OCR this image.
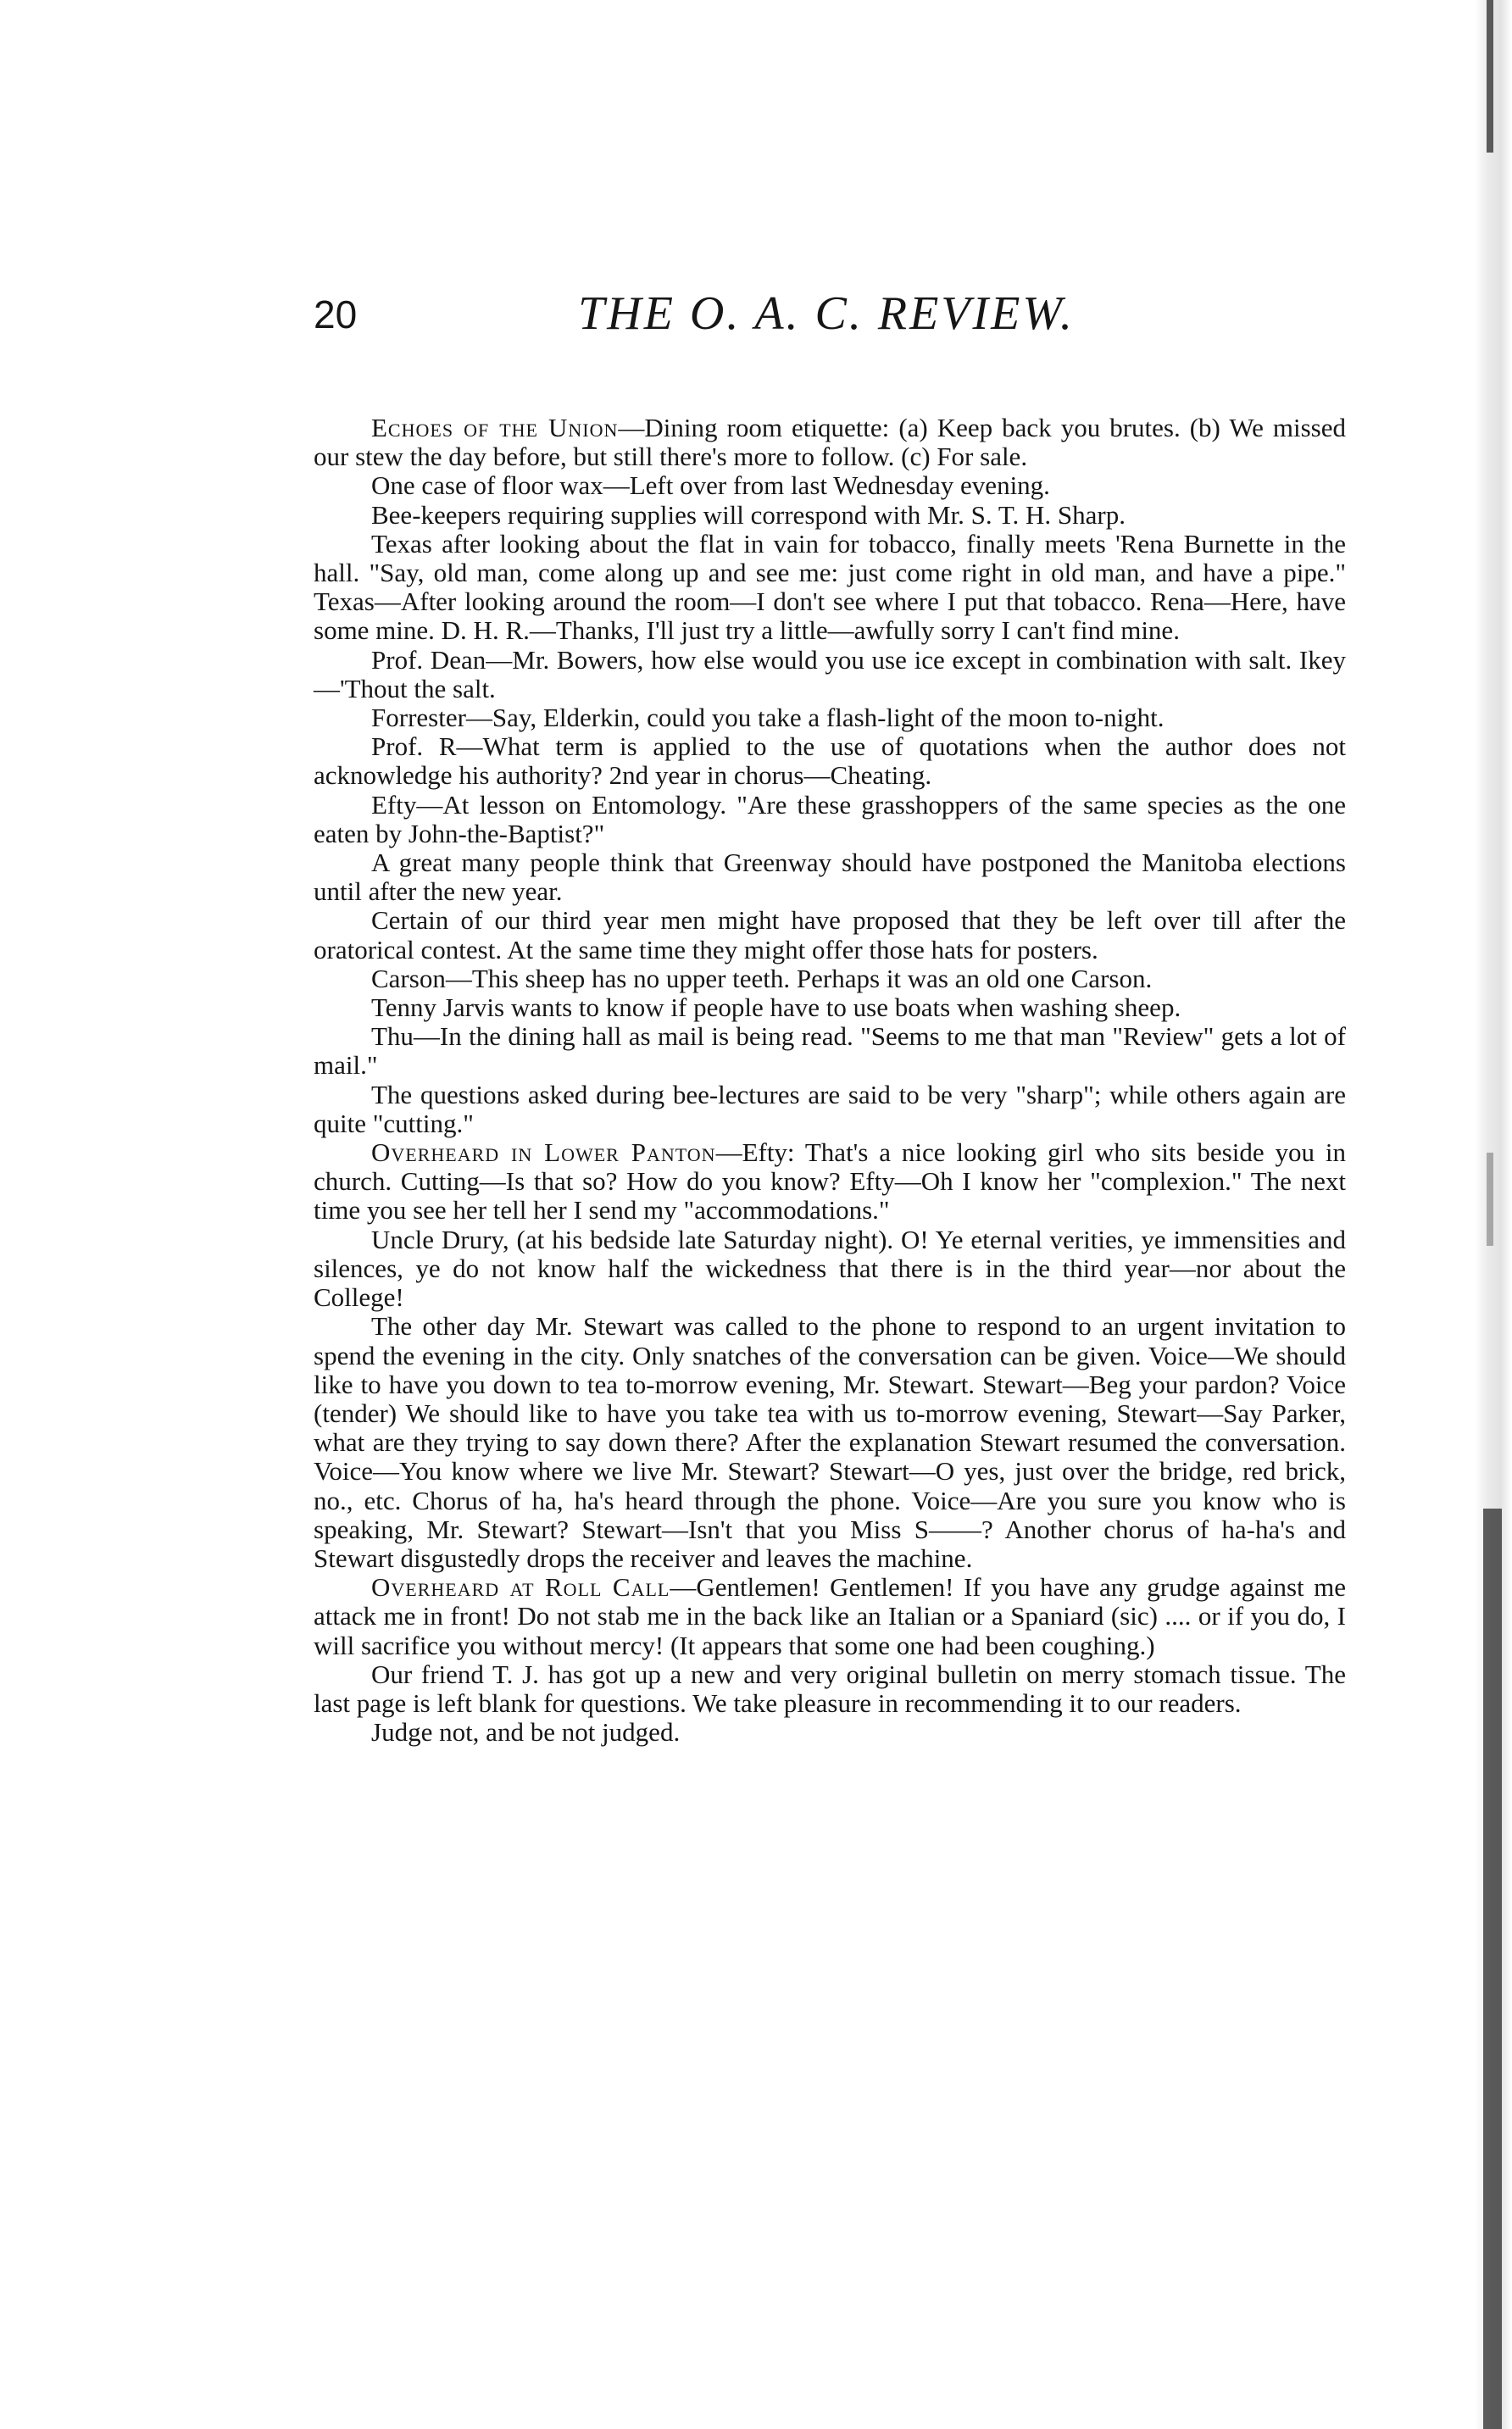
20	THE O. A. C. REVIEW.

Echoes of the Union—Dining room etiquette: (a) Keep back you brutes. (b) We missed our stew the day before, but still there's more to follow. (c) For sale.

One case of floor wax—Left over from last Wednesday evening.

Bee-keepers requiring supplies will correspond with Mr. S. T. H. Sharp.

Texas after looking about the flat in vain for tobacco, finally meets 'Rena Burnette in the hall. "Say, old man, come along up and see me: just come right in old man, and have a pipe." Texas—After looking around the room—I don't see where I put that tobacco. Rena—Here, have some mine. D. H. R.—Thanks, I'll just try a little—awfully sorry I can't find mine.

Prof. Dean—Mr. Bowers, how else would you use ice except in combination with salt. Ikey—'Thout the salt.

Forrester—Say, Elderkin, could you take a flash-light of the moon to-night.

Prof. R—What term is applied to the use of quotations when the author does not acknowledge his authority? 2nd year in chorus—Cheating.

Efty—At lesson on Entomology. "Are these grasshoppers of the same species as the one eaten by John-the-Baptist?"

A great many people think that Greenway should have postponed the Manitoba elections until after the new year.

Certain of our third year men might have proposed that they be left over till after the oratorical contest. At the same time they might offer those hats for posters.

Carson—This sheep has no upper teeth. Perhaps it was an old one Carson.

Tenny Jarvis wants to know if people have to use boats when washing sheep.

Thu—In the dining hall as mail is being read. "Seems to me that man "Review" gets a lot of mail."

The questions asked during bee-lectures are said to be very "sharp"; while others again are quite "cutting."

Overheard in Lower Panton—Efty: That's a nice looking girl who sits beside you in church. Cutting—Is that so? How do you know? Efty—Oh I know her "complexion." The next time you see her tell her I send my "accommodations."

Uncle Drury, (at his bedside late Saturday night). O! Ye eternal verities, ye immensities and silences, ye do not know half the wickedness that there is in the third year—nor about the College!

The other day Mr. Stewart was called to the phone to respond to an urgent invitation to spend the evening in the city. Only snatches of the conversation can be given. Voice—We should like to have you down to tea to-morrow evening, Mr. Stewart. Stewart—Beg your pardon? Voice (tender) We should like to have you take tea with us to-morrow evening, Stewart—Say Parker, what are they trying to say down there? After the explanation Stewart resumed the conversation. Voice—You know where we live Mr. Stewart? Stewart—O yes, just over the bridge, red brick, no., etc. Chorus of ha, ha's heard through the phone. Voice—Are you sure you know who is speaking, Mr. Stewart? Stewart—Isn't that you Miss S——? Another chorus of ha-ha's and Stewart disgustedly drops the receiver and leaves the machine.

Overheard at Roll Call—Gentlemen! Gentlemen! If you have any grudge against me attack me in front! Do not stab me in the back like an Italian or a Spaniard (sic) .... or if you do, I will sacrifice you without mercy! (It appears that some one had been coughing.)

Our friend T. J. has got up a new and very original bulletin on merry stomach tissue. The last page is left blank for questions. We take pleasure in recommending it to our readers.

Judge not, and be not judged.
